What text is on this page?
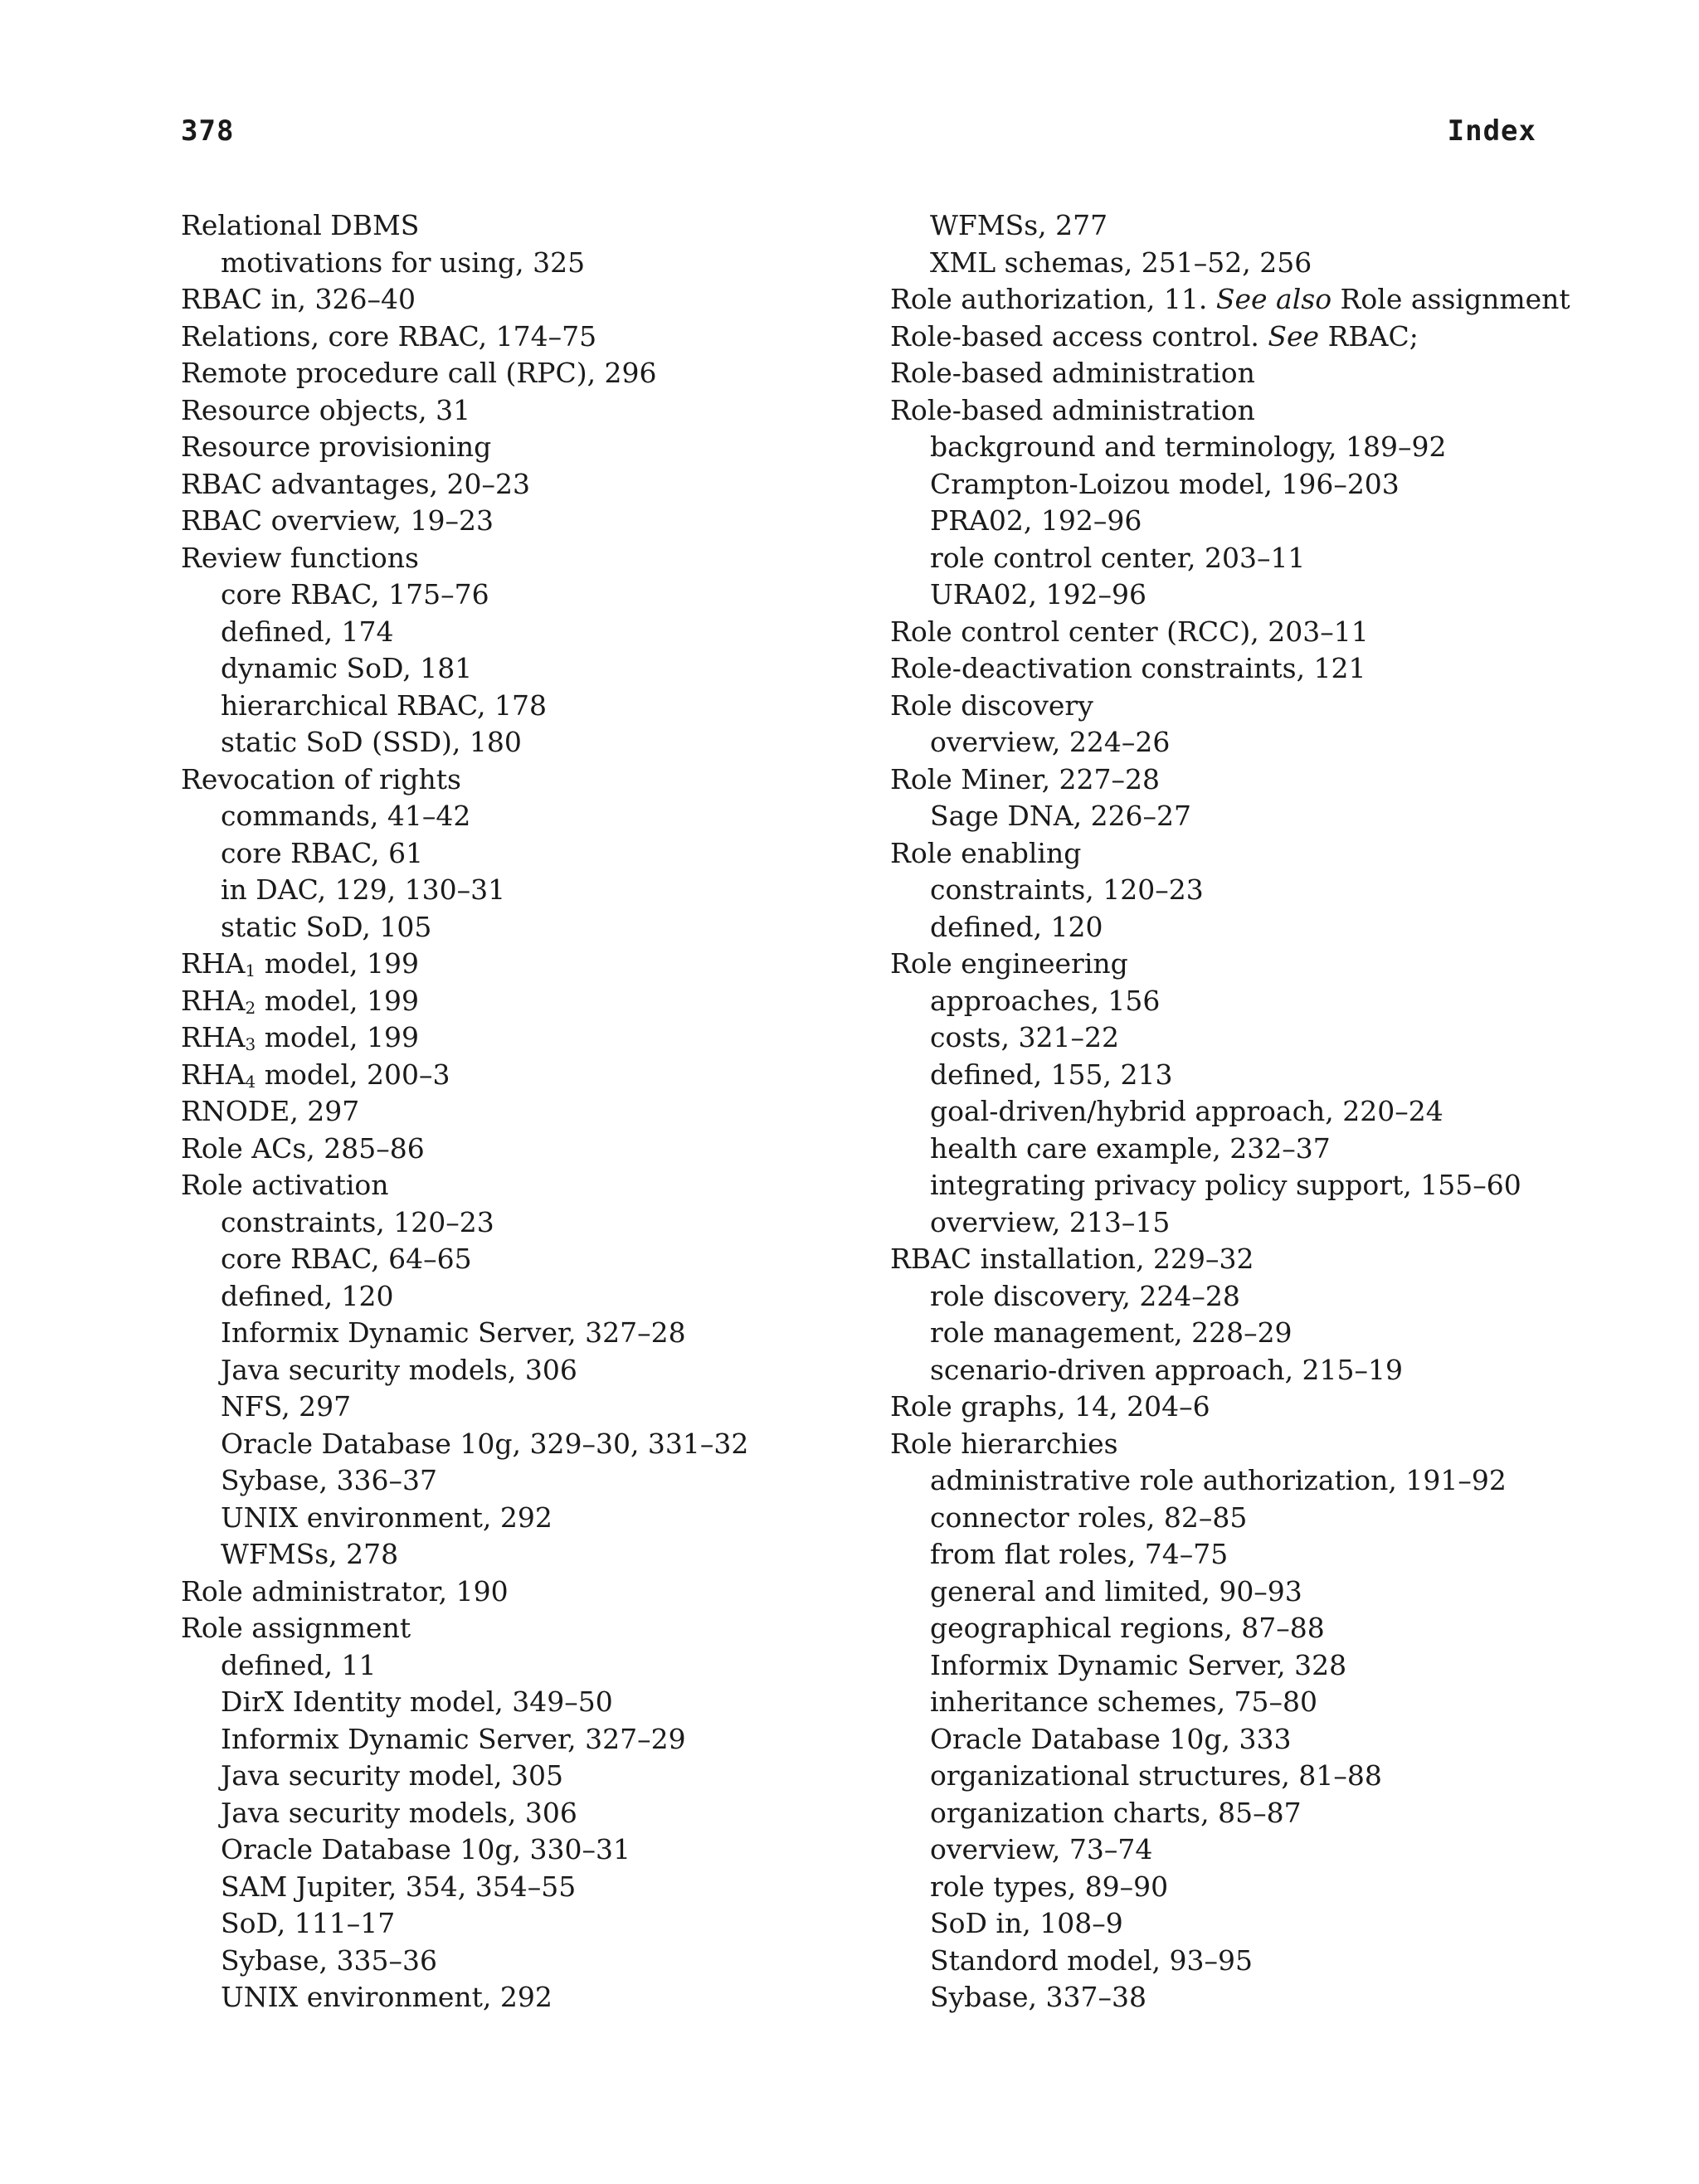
378	Index
Relational DBMS
motivations for using, 325
RBAC in, 326–40
Relations, core RBAC, 174–75
Remote procedure call (RPC), 296
Resource objects, 31
Resource provisioning
RBAC advantages, 20–23
RBAC overview, 19–23
Review functions
core RBAC, 175–76
defined, 174
dynamic SoD, 181
hierarchical RBAC, 178
static SoD (SSD), 180
Revocation of rights
commands, 41–42
core RBAC, 61
in DAC, 129, 130–31
static SoD, 105
$RHA_1$ model, 199
$RHA_2$ model, 199
$RHA_3$ model, 199
$RHA_4$ model, 200–3
RNODE, 297
Role ACs, 285–86
Role activation
constraints, 120–23
core RBAC, 64–65
defined, 120
Informix Dynamic Server, 327–28
Java security models, 306
NFS, 297
Oracle Database 10g, 329–30, 331–32
Sybase, 336–37
UNIX environment, 292
WFMSs, 278
Role administrator, 190
Role assignment
defined, 11
DirX Identity model, 349–50
Informix Dynamic Server, 327–29
Java security model, 305
Java security models, 306
Oracle Database 10g, 330–31
SAM Jupiter, 354, 354–55
SoD, 111–17
Sybase, 335–36
UNIX environment, 292
WFMSs, 277
XML schemas, 251–52, 256
Role authorization, 11. See also Role assignment
Role-based access control. See RBAC;
Role-based administration
Role-based administration
background and terminology, 189–92
Crampton-Loizou model, 196–203
PRA02, 192–96
role control center, 203–11
URA02, 192–96
Role control center (RCC), 203–11
Role-deactivation constraints, 121
Role discovery
overview, 224–26
Role Miner, 227–28
Sage DNA, 226–27
Role enabling
constraints, 120–23
defined, 120
Role engineering
approaches, 156
costs, 321–22
defined, 155, 213
goal-driven/hybrid approach, 220–24
health care example, 232–37
integrating privacy policy support, 155–60
overview, 213–15
RBAC installation, 229–32
role discovery, 224–28
role management, 228–29
scenario-driven approach, 215–19
Role graphs, 14, 204–6
Role hierarchies
administrative role authorization, 191–92
connector roles, 82–85
from flat roles, 74–75
general and limited, 90–93
geographical regions, 87–88
Informix Dynamic Server, 328
inheritance schemes, 75–80
Oracle Database 10g, 333
organizational structures, 81–88
organization charts, 85–87
overview, 73–74
role types, 89–90
SoD in, 108–9
Standord model, 93–95
Sybase, 337–38
